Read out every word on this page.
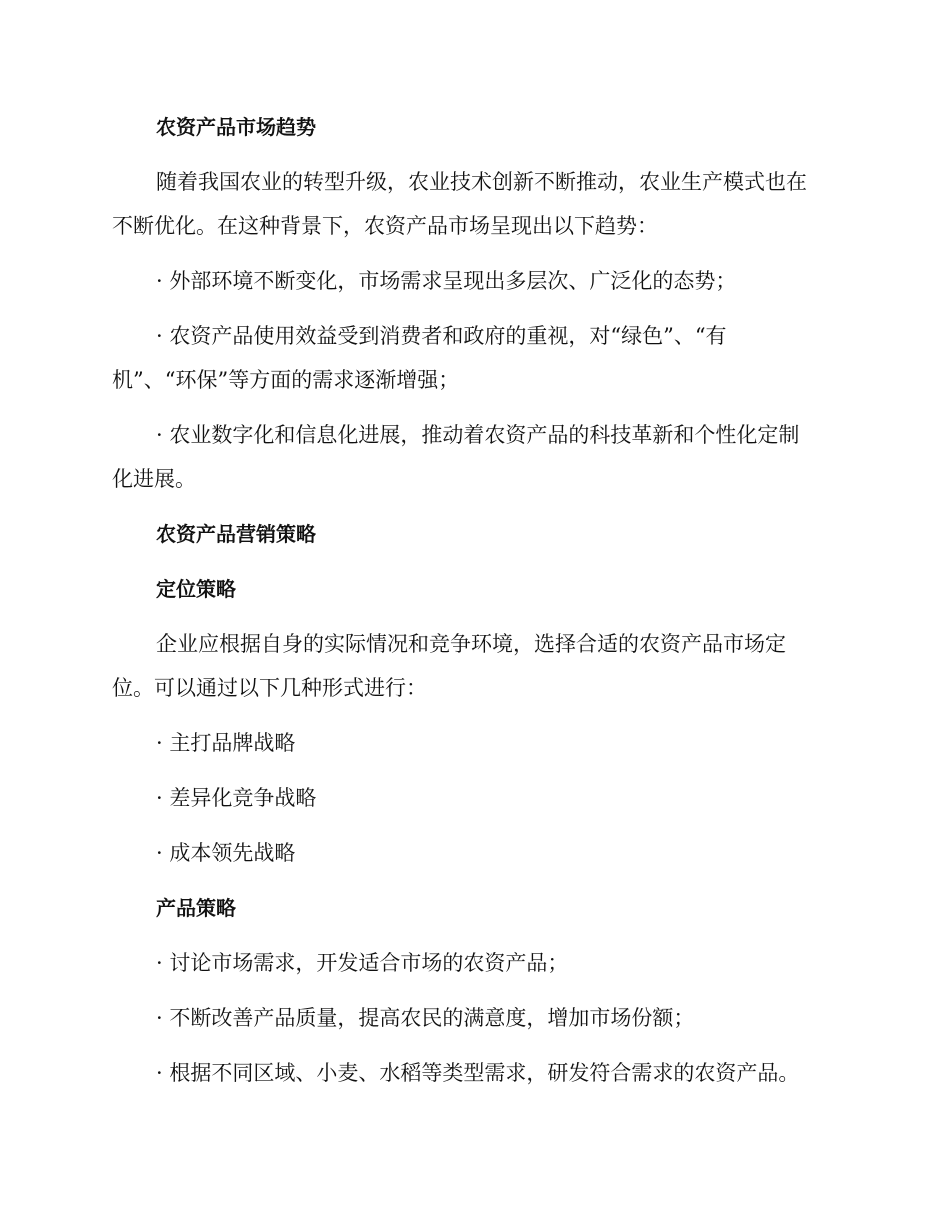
农资产品市场趋势
随着我国农业的转型升级，农业技术创新不断推动，农业生产模式也在
不断优化。在这种背景下，农资产品市场呈现出以下趋势：
· 外部环境不断变化，市场需求呈现出多层次、广泛化的态势；
· 农资产品使用效益受到消费者和政府的重视，对“绿色”、“有
机”、“环保”等方面的需求逐渐增强；
· 农业数字化和信息化进展，推动着农资产品的科技革新和个性化定制
化进展。
农资产品营销策略
定位策略
企业应根据自身的实际情况和竞争环境，选择合适的农资产品市场定
位。可以通过以下几种形式进行：
· 主打品牌战略
· 差异化竞争战略
· 成本领先战略
产品策略
· 讨论市场需求，开发适合市场的农资产品；
· 不断改善产品质量，提高农民的满意度，增加市场份额；
· 根据不同区域、小麦、水稻等类型需求，研发符合需求的农资产品。
